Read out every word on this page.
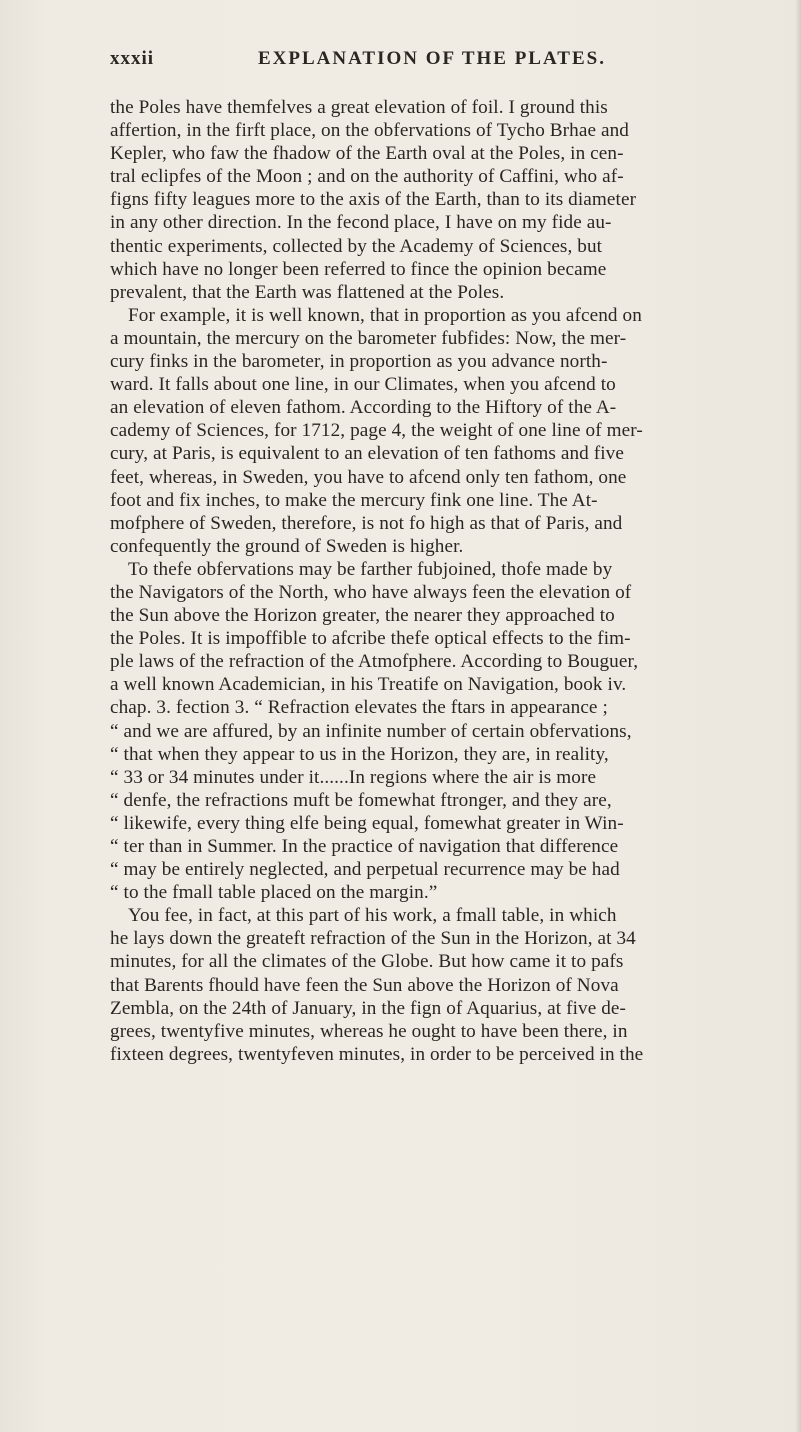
xxxii	EXPLANATION OF THE PLATES.
the Poles have themfelves a great elevation of foil. I ground this
affertion, in the firft place, on the obfervations of Tycho Brhae and
Kepler, who faw the fhadow of the Earth oval at the Poles, in cen-
tral eclipfes of the Moon ; and on the authority of Caffini, who af-
figns fifty leagues more to the axis of the Earth, than to its diameter
in any other direction. In the fecond place, I have on my fide au-
thentic experiments, collected by the Academy of Sciences, but
which have no longer been referred to fince the opinion became
prevalent, that the Earth was flattened at the Poles.
For example, it is well known, that in proportion as you afcend on
a mountain, the mercury on the barometer fubfides: Now, the mer-
cury finks in the barometer, in proportion as you advance north-
ward. It falls about one line, in our Climates, when you afcend to
an elevation of eleven fathom. According to the Hiftory of the A-
cademy of Sciences, for 1712, page 4, the weight of one line of mer-
cury, at Paris, is equivalent to an elevation of ten fathoms and five
feet, whereas, in Sweden, you have to afcend only ten fathom, one
foot and fix inches, to make the mercury fink one line. The At-
mofphere of Sweden, therefore, is not fo high as that of Paris, and
confequently the ground of Sweden is higher.
To thefe obfervations may be farther fubjoined, thofe made by
the Navigators of the North, who have always feen the elevation of
the Sun above the Horizon greater, the nearer they approached to
the Poles. It is impoffible to afcribe thefe optical effects to the fim-
ple laws of the refraction of the Atmofphere. According to Bouguer,
a well known Academician, in his Treatife on Navigation, book iv.
chap. 3. fection 3. “ Refraction elevates the ftars in appearance ;
“ and we are affured, by an infinite number of certain obfervations,
“ that when they appear to us in the Horizon, they are, in reality,
“ 33 or 34 minutes under it......In regions where the air is more
“ denfe, the refractions muft be fomewhat ftronger, and they are,
“ likewife, every thing elfe being equal, fomewhat greater in Win-
“ ter than in Summer. In the practice of navigation that difference
“ may be entirely neglected, and perpetual recurrence may be had
“ to the fmall table placed on the margin.”
You fee, in fact, at this part of his work, a fmall table, in which
he lays down the greateft refraction of the Sun in the Horizon, at 34
minutes, for all the climates of the Globe. But how came it to pafs
that Barents fhould have feen the Sun above the Horizon of Nova
Zembla, on the 24th of January, in the fign of Aquarius, at five de-
grees, twentyfive minutes, whereas he ought to have been there, in
fixteen degrees, twentyfeven minutes, in order to be perceived in the
